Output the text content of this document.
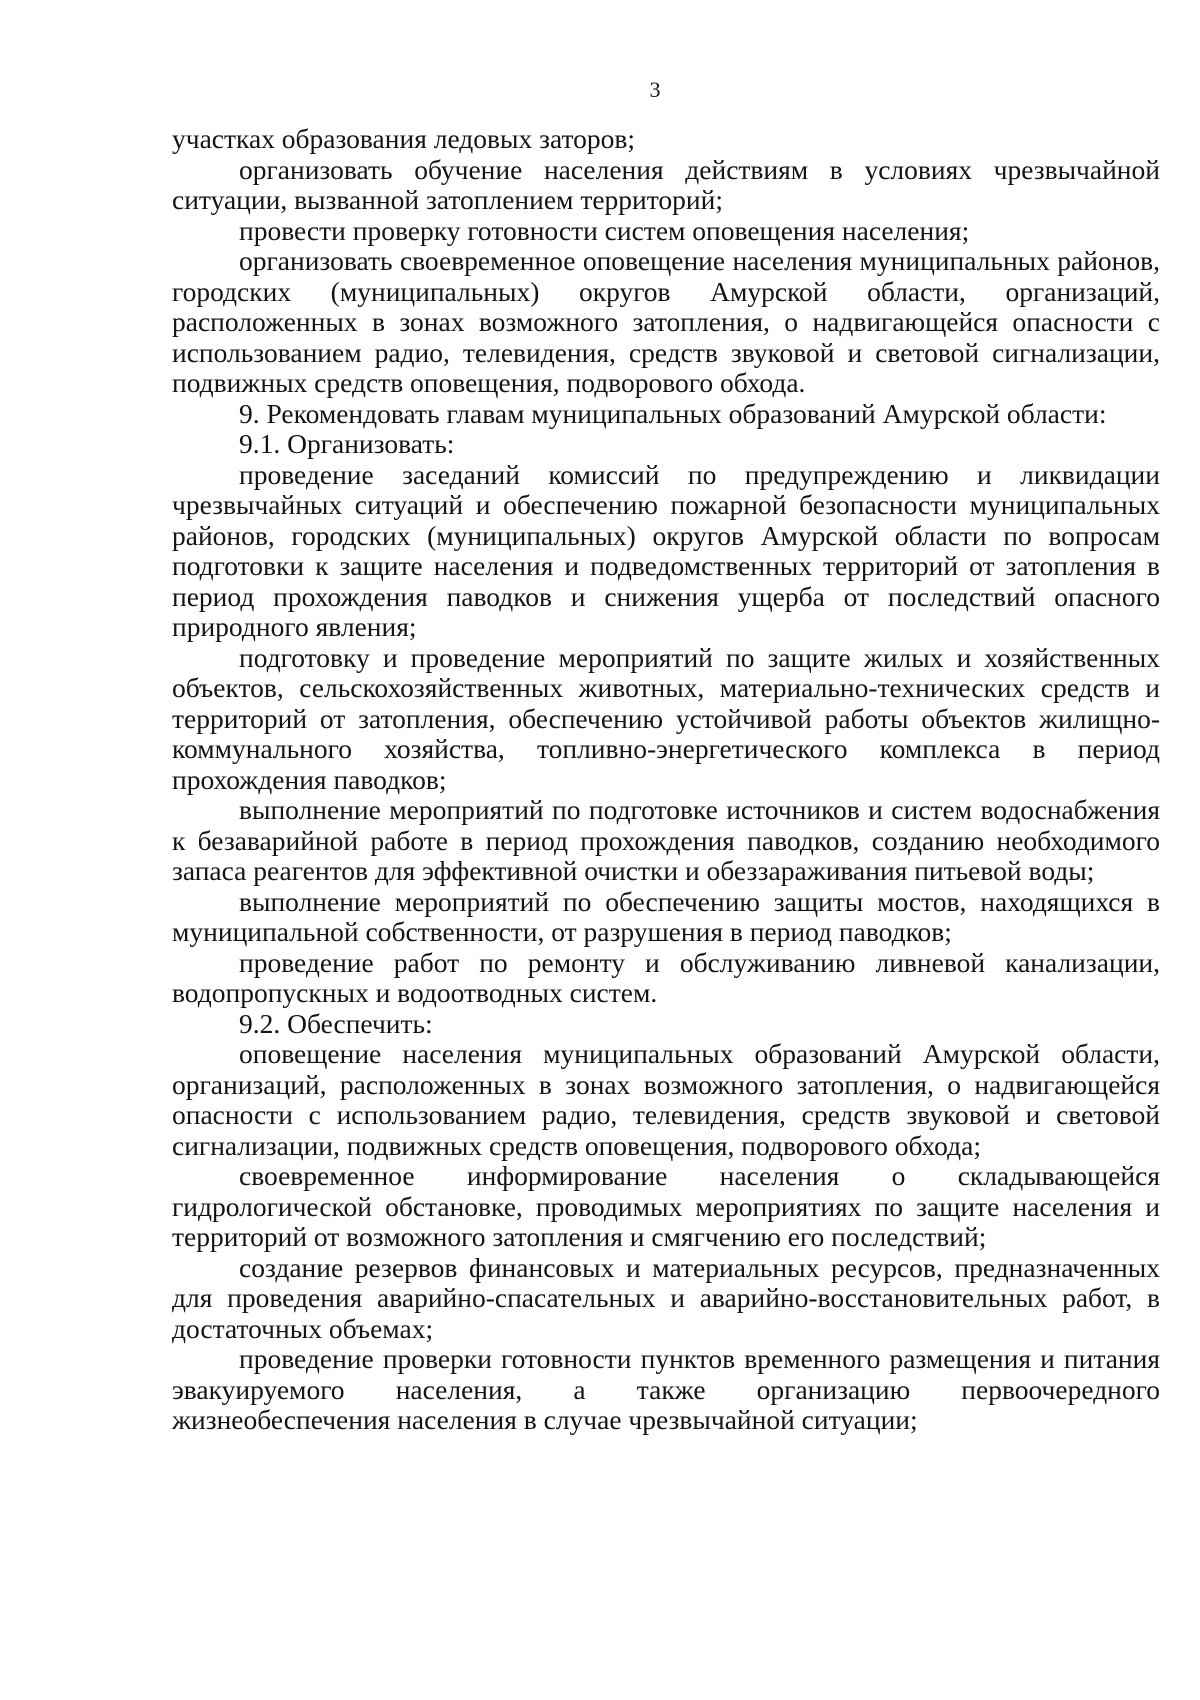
3

участках образования ледовых заторов;

организовать обучение населения действиям в условиях чрезвычайной ситуации, вызванной затоплением территорий;

провести проверку готовности систем оповещения населения;

организовать своевременное оповещение населения муниципальных районов, городских (муниципальных) округов Амурской области, организаций, расположенных в зонах возможного затопления, о надвигающейся опасности с использованием радио, телевидения, средств звуковой и световой сигнализации, подвижных средств оповещения, подворового обхода.

9. Рекомендовать главам муниципальных образований Амурской области:

9.1. Организовать:

проведение заседаний комиссий по предупреждению и ликвидации чрезвычайных ситуаций и обеспечению пожарной безопасности муниципальных районов, городских (муниципальных) округов Амурской области по вопросам подготовки к защите населения и подведомственных территорий от затопления в период прохождения паводков и снижения ущерба от последствий опасного природного явления;

подготовку и проведение мероприятий по защите жилых и хозяйственных объектов, сельскохозяйственных животных, материально-технических средств и территорий от затопления, обеспечению устойчивой работы объектов жилищно-коммунального хозяйства, топливно-энергетического комплекса в период прохождения паводков;

выполнение мероприятий по подготовке источников и систем водоснабжения к безаварийной работе в период прохождения паводков, созданию необходимого запаса реагентов для эффективной очистки и обеззараживания питьевой воды;

выполнение мероприятий по обеспечению защиты мостов, находящихся в муниципальной собственности, от разрушения в период паводков;

проведение работ по ремонту и обслуживанию ливневой канализации, водопропускных и водоотводных систем.

9.2. Обеспечить:

оповещение населения муниципальных образований Амурской области, организаций, расположенных в зонах возможного затопления, о надвигающейся опасности с использованием радио, телевидения, средств звуковой и световой сигнализации, подвижных средств оповещения, подворового обхода;

своевременное информирование населения о складывающейся гидрологической обстановке, проводимых мероприятиях по защите населения и территорий от возможного затопления и смягчению его последствий;

создание резервов финансовых и материальных ресурсов, предназначенных для проведения аварийно-спасательных и аварийно-восстановительных работ, в достаточных объемах;

проведение проверки готовности пунктов временного размещения и питания эвакуируемого населения, а также организацию первоочередного жизнеобеспечения населения в случае чрезвычайной ситуации;
